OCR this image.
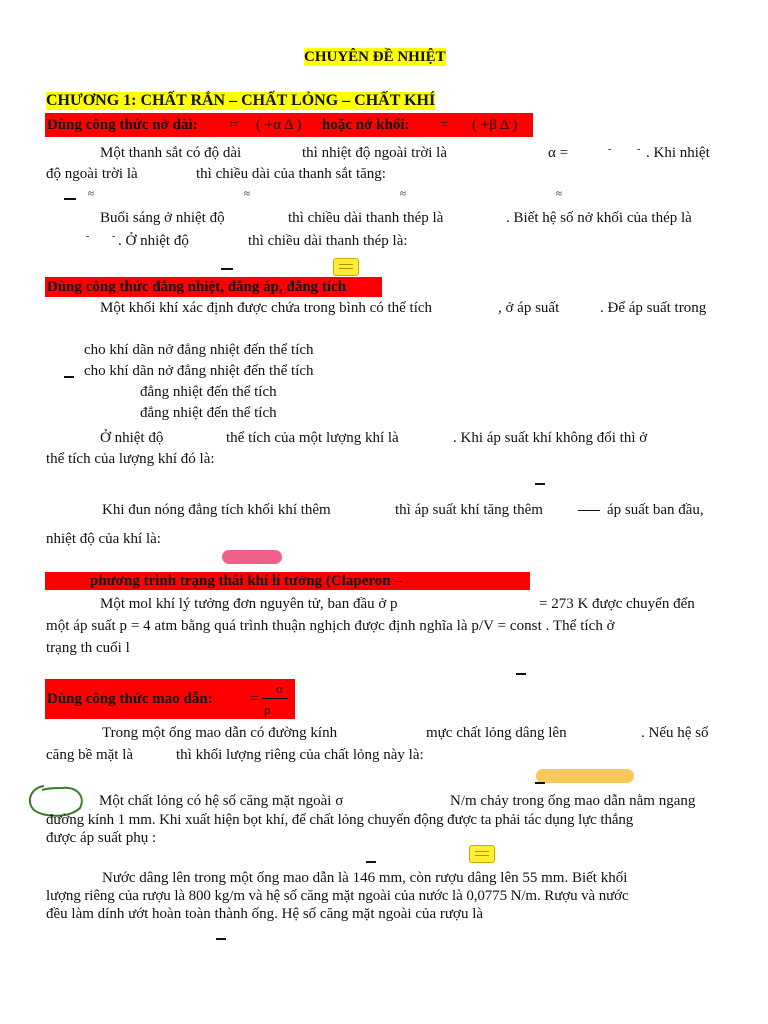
CHUYÊN ĐỀ NHIỆT
CHƯƠNG 1: CHẤT RẮN – CHẤT LỎNG – CHẤT KHÍ
Dùng công thức nở dài: = ( +α Δ ) hoặc nở khối: = ( +β Δ )
Một thanh sắt có độ dài	thì nhiệt độ ngoài trời là	α =	-	- . Khi nhiệt
độ ngoài trời là	thì chiều dài của thanh sắt tăng:
≈	≈	≈	≈
Buổi sáng ở nhiệt độ	thì chiều dài thanh thép là	. Biết hệ số nở khối của thép là
- - . Ở nhiệt độ	thì chiều dài thanh thép là:
Dùng công thức đẳng nhiệt, đẳng áp, đẳng tích
Một khối khí xác định được chứa trong bình có thể tích	, ở áp suất	. Để áp suất trong
cho khí dãn nở đẳng nhiệt đến thể tích
cho khí dãn nở đẳng nhiệt đến thể tích
đẳng nhiệt đến thể tích
đẳng nhiệt đến thể tích
Ở nhiệt độ	thể tích của một lượng khí là	. Khi áp suất khí không đổi thì ở
thể tích của lượng khí đó là:
Khi đun nóng đẳng tích khối khí thêm	thì áp suất khí tăng thêm	áp suất ban đầu,
nhiệt độ của khí là:
phương trình trạng thái khí lí tưởng (Claperon –
Một mol khí lý tưởng đơn nguyên tử, ban đầu ở p	= 273 K được chuyển đến
một áp suất p = 4 atm bằng quá trình thuận nghịch được định nghĩa là p/V = const . Thể tích ở
trạng th cuối l
Dùng công thức mao dẫn: =
σ
ρ
Trong một ống mao dẫn có đường kính	mực chất lỏng dâng lên	. Nếu hệ số
căng bề mặt là	thì khối lượng riêng của chất lỏng này là:
Một chất lỏng có hệ số căng mặt ngoài σ	N/m chảy trong ống mao dẫn nằm ngang
đường kính 1 mm. Khi xuất hiện bọt khí, để chất lỏng chuyển động được ta phải tác dụng lực thắng
được áp suất phụ :
Nước dâng lên trong một ống mao dẫn là 146 mm, còn rượu dâng lên 55 mm. Biết khối
lượng riêng của rượu là 800 kg/m và hệ số căng mặt ngoài của nước là 0,0775 N/m. Rượu và nước
đều làm dính ướt hoàn toàn thành ống. Hệ số căng mặt ngoài của rượu là
